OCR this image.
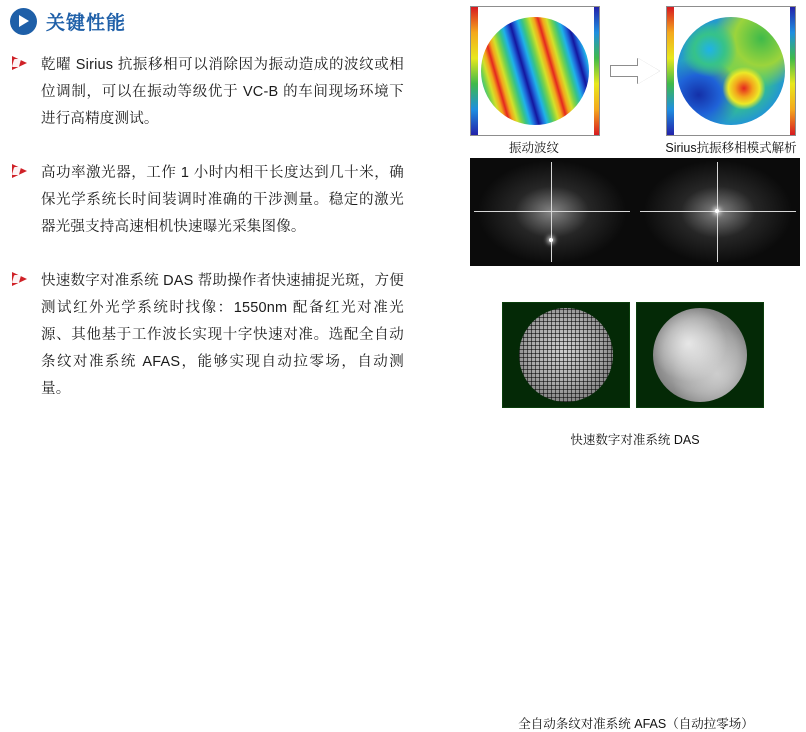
关键性能
乾曜 Sirius 抗振移相可以消除因为振动造成的波纹或相位调制，可以在振动等级优于 VC-B 的车间现场环境下进行高精度测试。
高功率激光器，工作 1 小时内相干长度达到几十米，确保光学系统长时间装调时准确的干涉测量。稳定的激光器光强支持高速相机快速曝光采集图像。
快速数字对准系统 DAS 帮助操作者快速捕捉光斑，方便测试红外光学系统时找像：1550nm 配备红光对准光源、其他基于工作波长实现十字快速对准。选配全自动条纹对准系统 AFAS，能够实现自动拉零场，自动测量。
振动波纹	Sirius抗振移相模式解析
快速数字对准系统 DAS
全自动条纹对准系统 AFAS（自动拉零场）
